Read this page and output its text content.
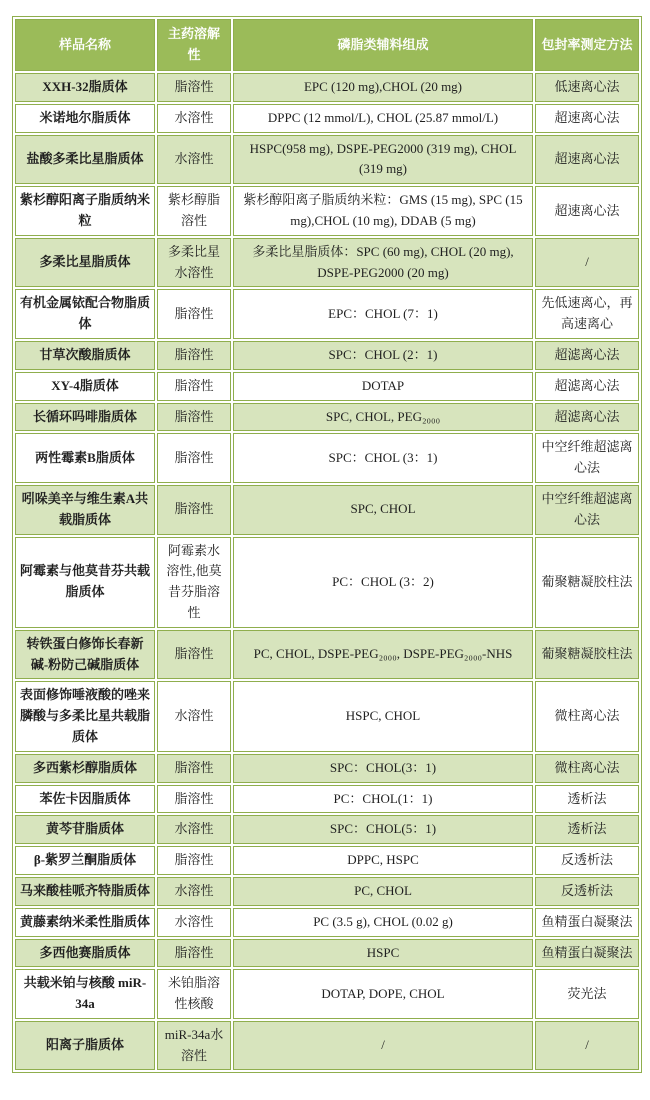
样品名称	主药溶解性	磷脂类辅料组成	包封率测定方法
XXH-32脂质体	脂溶性	EPC (120 mg),CHOL (20 mg)	低速离心法
米诺地尔脂质体	水溶性	DPPC (12 mmol/L), CHOL (25.87 mmol/L)	超速离心法
盐酸多柔比星脂质体	水溶性	HSPC(958 mg), DSPE-PEG2000 (319 mg), CHOL (319 mg)	超速离心法
紫杉醇阳离子脂质纳米粒	紫杉醇脂溶性	紫杉醇阳离子脂质纳米粒：GMS (15 mg), SPC (15 mg),CHOL (10 mg), DDAB (5 mg)	超速离心法
多柔比星脂质体	多柔比星水溶性	多柔比星脂质体：SPC (60 mg), CHOL (20 mg), DSPE-PEG2000 (20 mg)	/
有机金属铱配合物脂质体	脂溶性	EPC：CHOL (7：1)	先低速离心，再高速离心
甘草次酸脂质体	脂溶性	SPC：CHOL (2：1)	超滤离心法
XY-4脂质体	脂溶性	DOTAP	超滤离心法
长循环吗啡脂质体	脂溶性	SPC, CHOL, PEG₂₀₀₀	超滤离心法
两性霉素B脂质体	脂溶性	SPC：CHOL (3：1)	中空纤维超滤离心法
吲哚美辛与维生素A共载脂质体	脂溶性	SPC, CHOL	中空纤维超滤离心法
阿霉素与他莫昔芬共载脂质体	阿霉素水溶性,他莫昔芬脂溶性	PC：CHOL (3：2)	葡聚糖凝胶柱法
转铁蛋白修饰长春新碱-粉防己碱脂质体	脂溶性	PC, CHOL, DSPE-PEG₂₀₀₀, DSPE-PEG₂₀₀₀-NHS	葡聚糖凝胶柱法
表面修饰唾液酸的唑来膦酸与多柔比星共载脂质体	水溶性	HSPC, CHOL	微柱离心法
多西紫杉醇脂质体	脂溶性	SPC：CHOL(3：1)	微柱离心法
苯佐卡因脂质体	脂溶性	PC：CHOL(1：1)	透析法
黄芩苷脂质体	水溶性	SPC：CHOL(5：1)	透析法
β-紫罗兰酮脂质体	脂溶性	DPPC, HSPC	反透析法
马来酸桂哌齐特脂质体	水溶性	PC, CHOL	反透析法
黄藤素纳米柔性脂质体	水溶性	PC (3.5 g), CHOL (0.02 g)	鱼精蛋白凝聚法
多西他赛脂质体	脂溶性	HSPC	鱼精蛋白凝聚法
共载米铂与核酸 miR-34a	米铂脂溶性核酸	DOTAP, DOPE, CHOL	荧光法
阳离子脂质体	miR-34a水溶性	/	/
